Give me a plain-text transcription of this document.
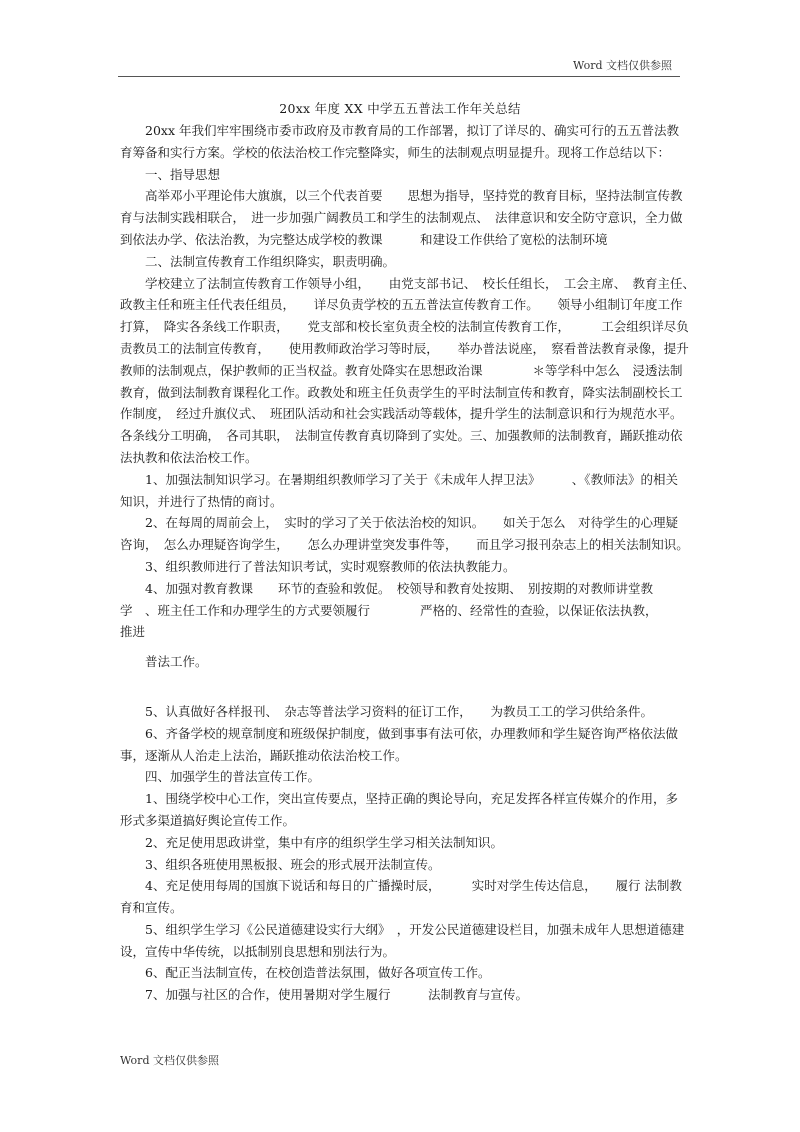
Word 文档仅供参照
20xx 年度 XX 中学五五普法工作年关总结

20xx 年我们牢牢围绕市委市政府及市教育局的工作部署，拟订了详尽的、确实可行的五五普法教育筹备和实行方案。学校的依法治校工作完整降实，师生的法制观点明显提升。现将工作总结以下：

一、指导思想

高举邓小平理论伟大旗旗，以三个代表首要　　思想为指导，坚持党的教育目标，坚持法制宣传教育与法制实践相联合，　进一步加强广阔教员工和学生的法制观点、　法律意识和安全防守意识，全力做到依法办学、依法治教，为完整达成学校的教课　　　和建设工作供给了宽松的法制环境

二、法制宣传教育工作组织降实，职责明确。

学校建立了法制宣传教育工作领导小组，　　由党支部书记、　校长任组长，　工会主席、　教育主任、　政教主任和班主任代表任组员，　　详尽负责学校的五五普法宣传教育工作。　　领导小组制订年度工作打算，　降实各条线工作职责，　　党支部和校长室负责全校的法制宣传教育工作，　　　工会组织详尽负责教员工的法制宣传教育，　　使用教师政治学习等时辰，　　举办普法说座，　察看普法教育录像，提升教师的法制观点，保护教师的正当权益。教育处降实在思想政治课　　　　＊等学科中怎么　浸透法制教育，做到法制教育课程化工作。政教处和班主任负责学生的平时法制宣传和教育，降实法制副校长工作制度，　经过升旗仪式、　班团队活动和社会实践活动等载体，提升学生的法制意识和行为规范水平。　　各条线分工明确，　各司其职，　法制宣传教育真切降到了实处。三、加强教师的法制教育，踊跃推动依法执教和依法治校工作。

1、加强法制知识学习。在暑期组织教师学习了关于《未成年人捍卫法》　　　、《教师法》的相关知识，并进行了热情的商讨。

2、在每周的周前会上，　实时的学习了关于依法治校的知识。　　如关于怎么　对待学生的心理疑咨询，　怎么办理疑咨询学生，　　怎么办理讲堂突发事件等，　　而且学习报刊杂志上的相关法制知识。

3、组织教师进行了普法知识考试，实时观察教师的依法执教能力。

4、加强对教育教课　　环节的查验和敦促。　校领导和教育处按期、　别按期的对教师讲堂教学　、班主任工作和办理学生的方式要领履行　　　　严格的、经常性的查验，以保证依法执教，　　　推进

普法工作。

5、认真做好各样报刊、　杂志等普法学习资料的征订工作，　　为教员工工的学习供给条件。

6、齐备学校的规章制度和班级保护制度，做到事事有法可依，办理教师和学生疑咨询严格依法做事，逐渐从人治走上法治，踊跃推动依法治校工作。

四、加强学生的普法宣传工作。

1、围绕学校中心工作，突出宣传要点，坚持正确的舆论导向，充足发挥各样宣传媒介的作用，多形式多渠道搞好舆论宣传工作。

2、充足使用思政讲堂，集中有序的组织学生学习相关法制知识。

3、组织各班使用黑板报、班会的形式展开法制宣传。

4、充足使用每周的国旗下说话和每日的广播操时辰，　　　实时对学生传达信息，　　履行 法制教育和宣传。

5、组织学生学习《公民道德建设实行大纲》　，开发公民道德建设栏目，加强未成年人思想道德建设，宣传中华传统，以抵制别良思想和别法行为。

6、配正当法制宣传，在校创造普法氛围，做好各项宣传工作。

7、加强与社区的合作，使用暑期对学生履行　　　法制教育与宣传。

Word 文档仅供参照
